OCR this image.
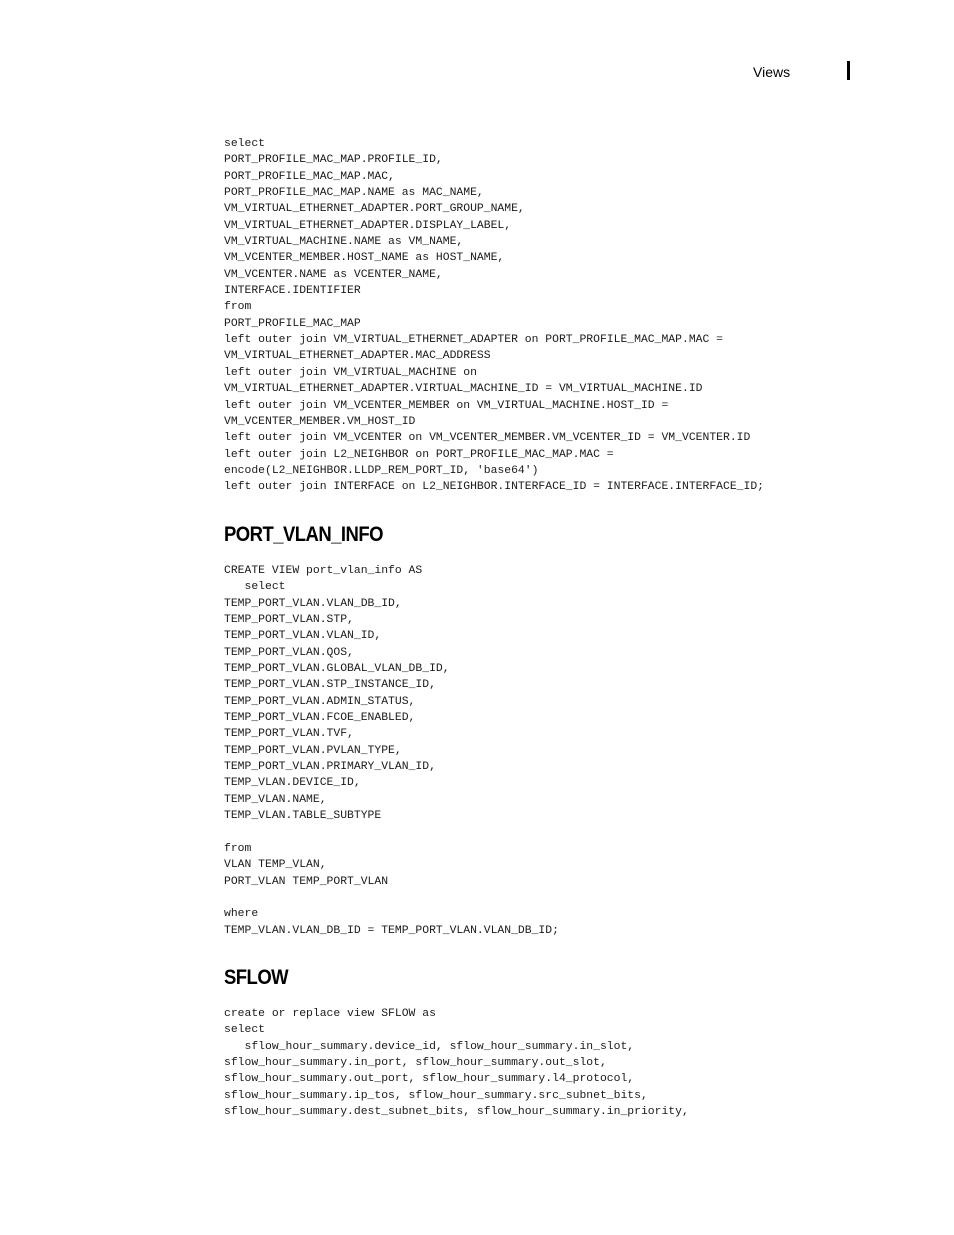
Views
select
PORT_PROFILE_MAC_MAP.PROFILE_ID,
PORT_PROFILE_MAC_MAP.MAC,
PORT_PROFILE_MAC_MAP.NAME as MAC_NAME,
VM_VIRTUAL_ETHERNET_ADAPTER.PORT_GROUP_NAME,
VM_VIRTUAL_ETHERNET_ADAPTER.DISPLAY_LABEL,
VM_VIRTUAL_MACHINE.NAME as VM_NAME,
VM_VCENTER_MEMBER.HOST_NAME as HOST_NAME,
VM_VCENTER.NAME as VCENTER_NAME,
INTERFACE.IDENTIFIER
from
PORT_PROFILE_MAC_MAP
left outer join VM_VIRTUAL_ETHERNET_ADAPTER on PORT_PROFILE_MAC_MAP.MAC =
VM_VIRTUAL_ETHERNET_ADAPTER.MAC_ADDRESS
left outer join VM_VIRTUAL_MACHINE on
VM_VIRTUAL_ETHERNET_ADAPTER.VIRTUAL_MACHINE_ID = VM_VIRTUAL_MACHINE.ID
left outer join VM_VCENTER_MEMBER on VM_VIRTUAL_MACHINE.HOST_ID =
VM_VCENTER_MEMBER.VM_HOST_ID
left outer join VM_VCENTER on VM_VCENTER_MEMBER.VM_VCENTER_ID = VM_VCENTER.ID
left outer join L2_NEIGHBOR on PORT_PROFILE_MAC_MAP.MAC =
encode(L2_NEIGHBOR.LLDP_REM_PORT_ID, 'base64')
left outer join INTERFACE on L2_NEIGHBOR.INTERFACE_ID = INTERFACE.INTERFACE_ID;
PORT_VLAN_INFO
CREATE VIEW port_vlan_info AS
select
TEMP_PORT_VLAN.VLAN_DB_ID,
TEMP_PORT_VLAN.STP,
TEMP_PORT_VLAN.VLAN_ID,
TEMP_PORT_VLAN.QOS,
TEMP_PORT_VLAN.GLOBAL_VLAN_DB_ID,
TEMP_PORT_VLAN.STP_INSTANCE_ID,
TEMP_PORT_VLAN.ADMIN_STATUS,
TEMP_PORT_VLAN.FCOE_ENABLED,
TEMP_PORT_VLAN.TVF,
TEMP_PORT_VLAN.PVLAN_TYPE,
TEMP_PORT_VLAN.PRIMARY_VLAN_ID,
TEMP_VLAN.DEVICE_ID,
TEMP_VLAN.NAME,
TEMP_VLAN.TABLE_SUBTYPE

from
VLAN TEMP_VLAN,
PORT_VLAN TEMP_PORT_VLAN

where
TEMP_VLAN.VLAN_DB_ID = TEMP_PORT_VLAN.VLAN_DB_ID;
SFLOW
create or replace view SFLOW as
select
sflow_hour_summary.device_id, sflow_hour_summary.in_slot,
sflow_hour_summary.in_port, sflow_hour_summary.out_slot,
sflow_hour_summary.out_port, sflow_hour_summary.l4_protocol,
sflow_hour_summary.ip_tos, sflow_hour_summary.src_subnet_bits,
sflow_hour_summary.dest_subnet_bits, sflow_hour_summary.in_priority,
